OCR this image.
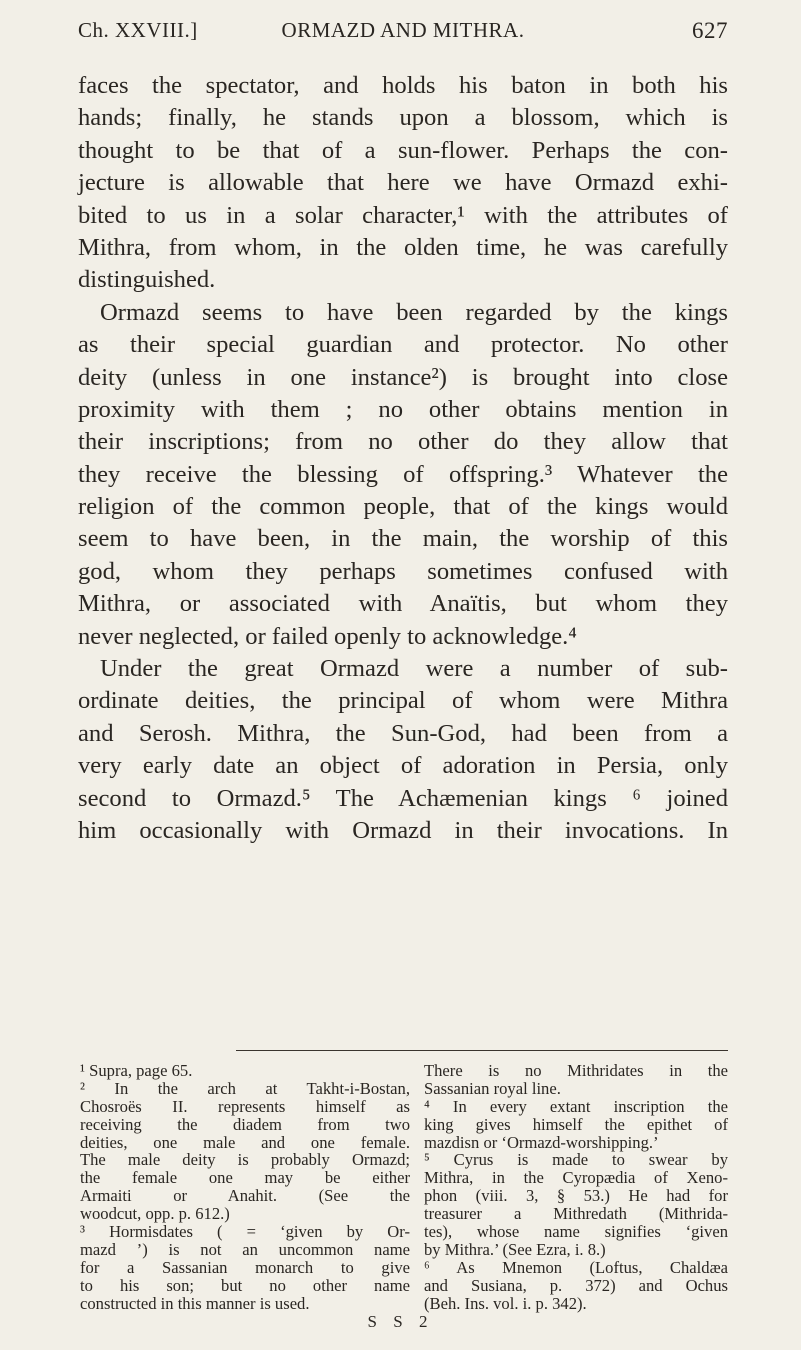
Ch. XXVIII.]	ORMAZD AND MITHRA.	627
faces the spectator, and holds his baton in both his
hands; finally, he stands upon a blossom, which is
thought to be that of a sun-flower. Perhaps the con-
jecture is allowable that here we have Ormazd exhi-
bited to us in a solar character,¹ with the attributes of
Mithra, from whom, in the olden time, he was carefully
distinguished.
Ormazd seems to have been regarded by the kings
as their special guardian and protector. No other
deity (unless in one instance²) is brought into close
proximity with them ; no other obtains mention in
their inscriptions; from no other do they allow that
they receive the blessing of offspring.³ Whatever the
religion of the common people, that of the kings would
seem to have been, in the main, the worship of this
god, whom they perhaps sometimes confused with
Mithra, or associated with Anaïtis, but whom they
never neglected, or failed openly to acknowledge.⁴
Under the great Ormazd were a number of sub-
ordinate deities, the principal of whom were Mithra
and Serosh. Mithra, the Sun-God, had been from a
very early date an object of adoration in Persia, only
second to Ormazd.⁵ The Achæmenian kings ⁶ joined
him occasionally with Ormazd in their invocations. In
¹ Supra, page 65.
² In the arch at Takht-i-Bostan,
Chosroës II. represents himself as
receiving the diadem from two
deities, one male and one female.
The male deity is probably Ormazd;
the female one may be either
Armaiti or Anahit. (See the
woodcut, opp. p. 612.)
³ Hormisdates ( = ‘given by Or-
mazd ’) is not an uncommon name
for a Sassanian monarch to give
to his son; but no other name
constructed in this manner is used.
There is no Mithridates in the
Sassanian royal line.
⁴ In every extant inscription the
king gives himself the epithet of
mazdisn or ‘Ormazd-worshipping.’
⁵ Cyrus is made to swear by
Mithra, in the Cyropædia of Xeno-
phon (viii. 3, § 53.) He had for
treasurer a Mithredath (Mithrida-
tes), whose name signifies ‘given
by Mithra.’ (See Ezra, i. 8.)
⁶ As Mnemon (Loftus, Chaldæa
and Susiana, p. 372) and Ochus
(Beh. Ins. vol. i. p. 342).
S S 2
